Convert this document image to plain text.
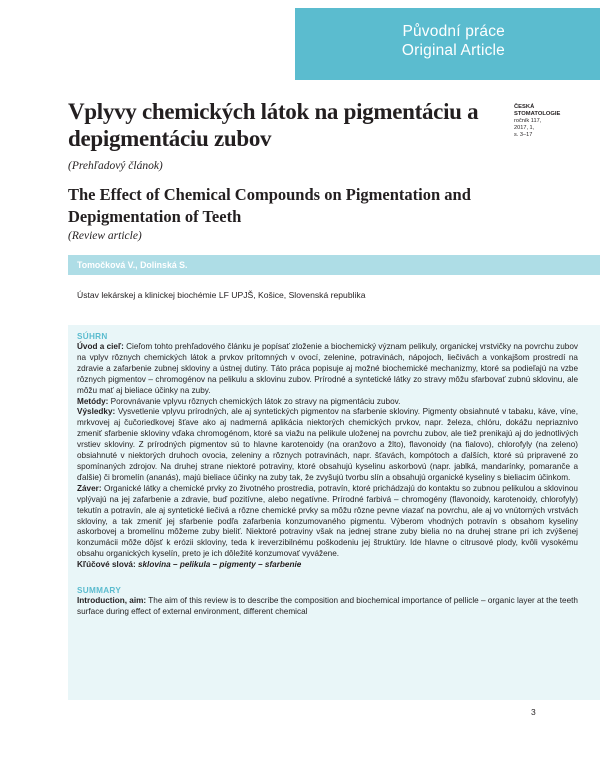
Původní práce
Original Article
ČESKÁ
STOMATOLOGIE
ročník 117,
2017, 1,
s. 3–17
Vplyvy chemických látok na pigmentáciu a depigmentáciu zubov
(Prehľadový článok)
The Effect of Chemical Compounds on Pigmentation and Depigmentation of Teeth
(Review article)
Tomočková V., Dolinská S.
Ústav lekárskej a klinickej biochémie LF UPJŠ, Košice, Slovenská republika
SÚHRN

Úvod a cieľ: Cieľom tohto prehľadového článku je popísať zloženie a biochemický význam pelikuly, organickej vrstvičky na povrchu zubov na vplyv rôznych chemických látok a prvkov prítomných v ovocí, zelenine, potravinách, nápojoch, liečivách a vonkajšom prostredí na zdravie a zafarbenie zubnej skloviny a ústnej dutiny. Táto práca popisuje aj možné biochemické mechanizmy, ktoré sa podieľajú na vzbe rôznych pigmentov – chromogénov na pelikulu a sklovinu zubov. Prírodné a syntetické látky zo stravy môžu sfarbovať zubnú sklovinu, ale môžu mať aj bieliace účinky na zuby.

Metódy: Porovnávanie vplyvu rôznych chemických látok zo stravy na pigmentáciu zubov.

Výsledky: Vysvetlenie vplyvu prírodných, ale aj syntetických pigmentov na sfarbenie skloviny. Pigmenty obsiahnuté v tabaku, káve, víne, mrkvovej aj čučoriedkovej šťave ako aj nadmerná aplikácia niektorých chemických prvkov, napr. železa, chlóru, dokážu nepriaznivo zmeniť sfarbenie skloviny vďaka chromogénom, ktoré sa viažu na pelikule uloženej na povrchu zubov, ale tiež prenikajú aj do jednotlivých vrstiev skloviny. Z prírodných pigmentov sú to hlavne karotenoidy (na oranžovo a žlto), flavonoidy (na fialovo), chlorofyly (na zeleno) obsiahnuté v niektorých druhoch ovocia, zeleniny a rôznych potravinách, napr. šťavách, kompótoch a ďalších, ktoré sú pripravené zo spomínaných zdrojov. Na druhej strane niektoré potraviny, ktoré obsahujú kyselinu askorbovú (napr. jablká, mandarínky, pomaranče a ďalšie) či bromelín (ananás), majú bieliace účinky na zuby tak, že zvyšujú tvorbu slín a obsahujú organické kyseliny s bieliacim účinkom.

Záver: Organické látky a chemické prvky zo životného prostredia, potravín, ktoré prichádzajú do kontaktu so zubnou pelikulou a sklovinou vplývajú na jej zafarbenie a zdravie, buď pozitívne, alebo negatívne. Prírodné farbivá – chromogény (flavonoidy, karotenoidy, chlorofyly) tekutín a potravín, ale aj syntetické liečivá a rôzne chemické prvky sa môžu rôzne pevne viazať na povrchu, ale aj vo vnútorných vrstvách skloviny, a tak zmeniť jej sfarbenie podľa zafarbenia konzumovaného pigmentu. Výberom vhodných potravín s obsahom kyseliny askorbovej a bromelínu môžeme zuby bieliť. Niektoré potraviny však na jednej strane zuby bielia no na druhej strane pri ich zvýšenej konzumácii môže dôjsť k erózii skloviny, teda k ireverzibilnému poškodeniu jej štruktúry. Ide hlavne o citrusové plody, kvôli vysokému obsahu organických kyselín, preto je ich dôležité konzumovať vyvážene.

Kľúčové slová: sklovina – pelikula – pigmenty – sfarbenie

SUMMARY

Introduction, aim: The aim of this review is to describe the composition and biochemical importance of pellicle – organic layer at the teeth surface during effect of external environment, different chemical

3
